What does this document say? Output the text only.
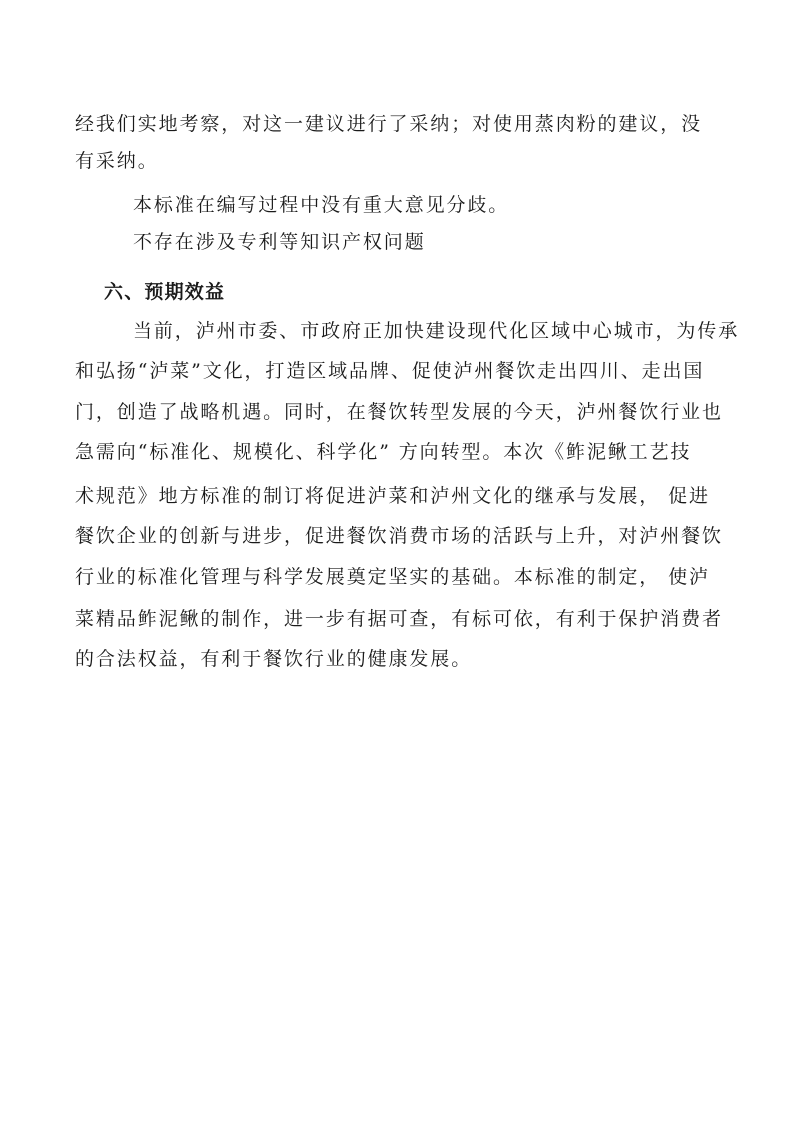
经我们实地考察，对这一建议进行了采纳；对使用蒸肉粉的建议，没
有采纳。
本标准在编写过程中没有重大意见分歧。
不存在涉及专利等知识产权问题
六、预期效益
当前，泸州市委、市政府正加快建设现代化区域中心城市，为传承
和弘扬“泸菜”文化，打造区域品牌、促使泸州餐饮走出四川、走出国
门，创造了战略机遇。同时，在餐饮转型发展的今天，泸州餐饮行业也
急需向“标准化、规模化、科学化” 方向转型。本次《鲊泥鳅工艺技
术规范》地方标准的制订将促进泸菜和泸州文化的继承与发展， 促进
餐饮企业的创新与进步，促进餐饮消费市场的活跃与上升，对泸州餐饮
行业的标准化管理与科学发展奠定坚实的基础。本标准的制定， 使泸
菜精品鲊泥鳅的制作，进一步有据可查，有标可依，有利于保护消费者
的合法权益，有利于餐饮行业的健康发展。
